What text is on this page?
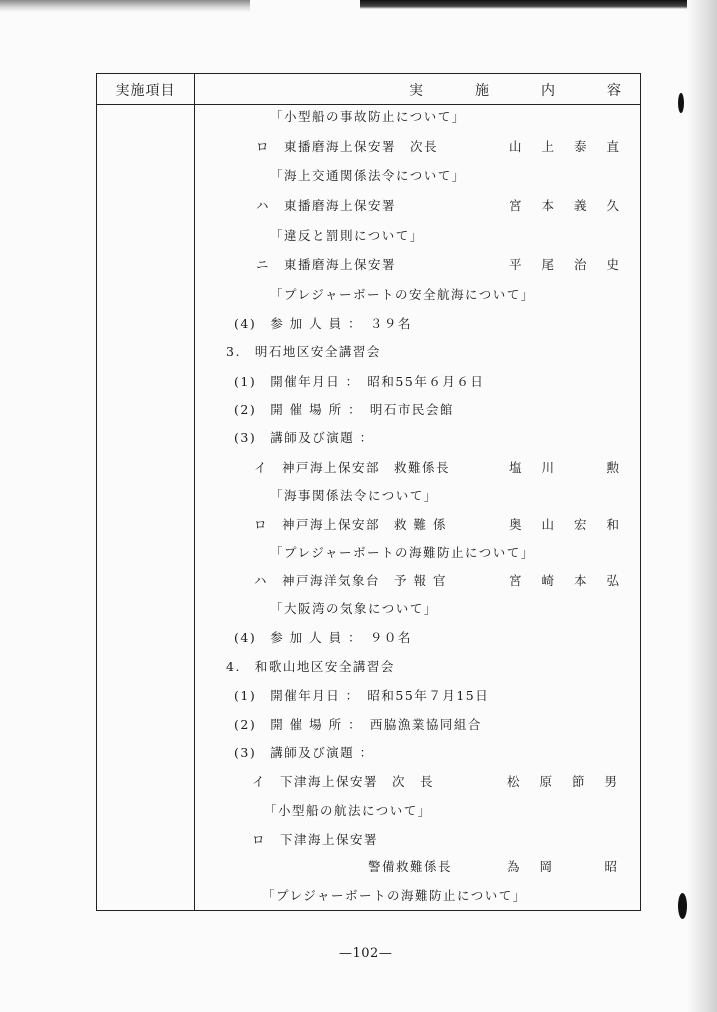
実施項目	実施内容
「小型船の事故防止について」
ロ　東播磨海上保安署　次長	山上泰直
「海上交通関係法令について」
ハ　東播磨海上保安署	宮本義久
「違反と罰則について」
ニ　東播磨海上保安署	平尾治史
「プレジャーボートの安全航海について」
(4)　参 加 人 員 ：　３９名
3.　明石地区安全講習会
(1)　開催年月日 ：　昭和55年６月６日
(2)　開 催 場 所 ：　明石市民会館
(3)　講師及び演題 ：
イ　神戸海上保安部　救難係長	塩川　勲
「海事関係法令について」
ロ　神戸海上保安部　救 難 係	奥山宏和
「プレジャーボートの海難防止について」
ハ　神戸海洋気象台　予 報 官	宮崎本弘
「大阪湾の気象について」
(4)　参 加 人 員 ：　９０名
4.　和歌山地区安全講習会
(1)　開催年月日 ：　昭和55年７月15日
(2)　開 催 場 所 ：　西脇漁業協同組合
(3)　講師及び演題 ：
イ　下津海上保安署　次　長	松原節男
「小型船の航法について」
ロ　下津海上保安署
警備救難係長	為岡　昭
「プレジャーボートの海難防止について」
—102—
